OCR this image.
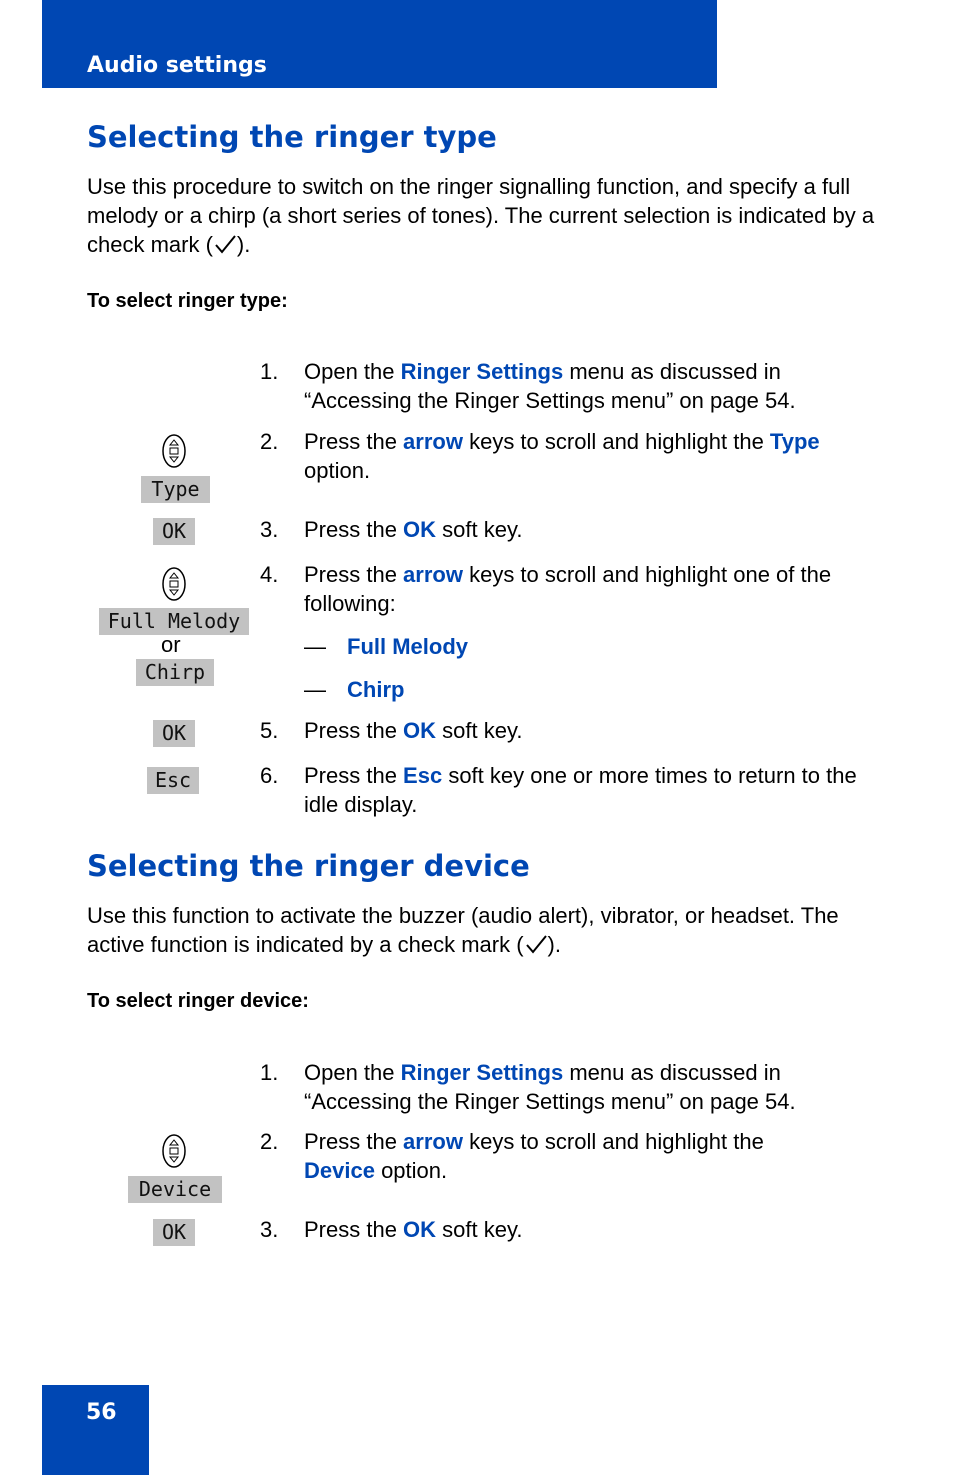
Audio settings
Selecting the ringer type

Use this procedure to switch on the ringer signalling function, and specify a full melody or a chirp (a short series of tones). The current selection is indicated by a check mark ( ).

To select ringer type:
1. Open the Ringer Settings menu as discussed in “Accessing the Ringer Settings menu” on page 54.
2. Press the arrow keys to scroll and highlight the Type option.
3. Press the OK soft key.
4. Press the arrow keys to scroll and highlight one of the following:
— Full Melody
— Chirp
5. Press the OK soft key.
6. Press the Esc soft key one or more times to return to the idle display.
Type
OK
Full Melody
or
Chirp
OK
Esc
Selecting the ringer device

Use this function to activate the buzzer (audio alert), vibrator, or headset. The active function is indicated by a check mark ( ).

To select ringer device:
1. Open the Ringer Settings menu as discussed in “Accessing the Ringer Settings menu” on page 54.
2. Press the arrow keys to scroll and highlight the
Device option.
3. Press the OK soft key.
Device
OK
56
